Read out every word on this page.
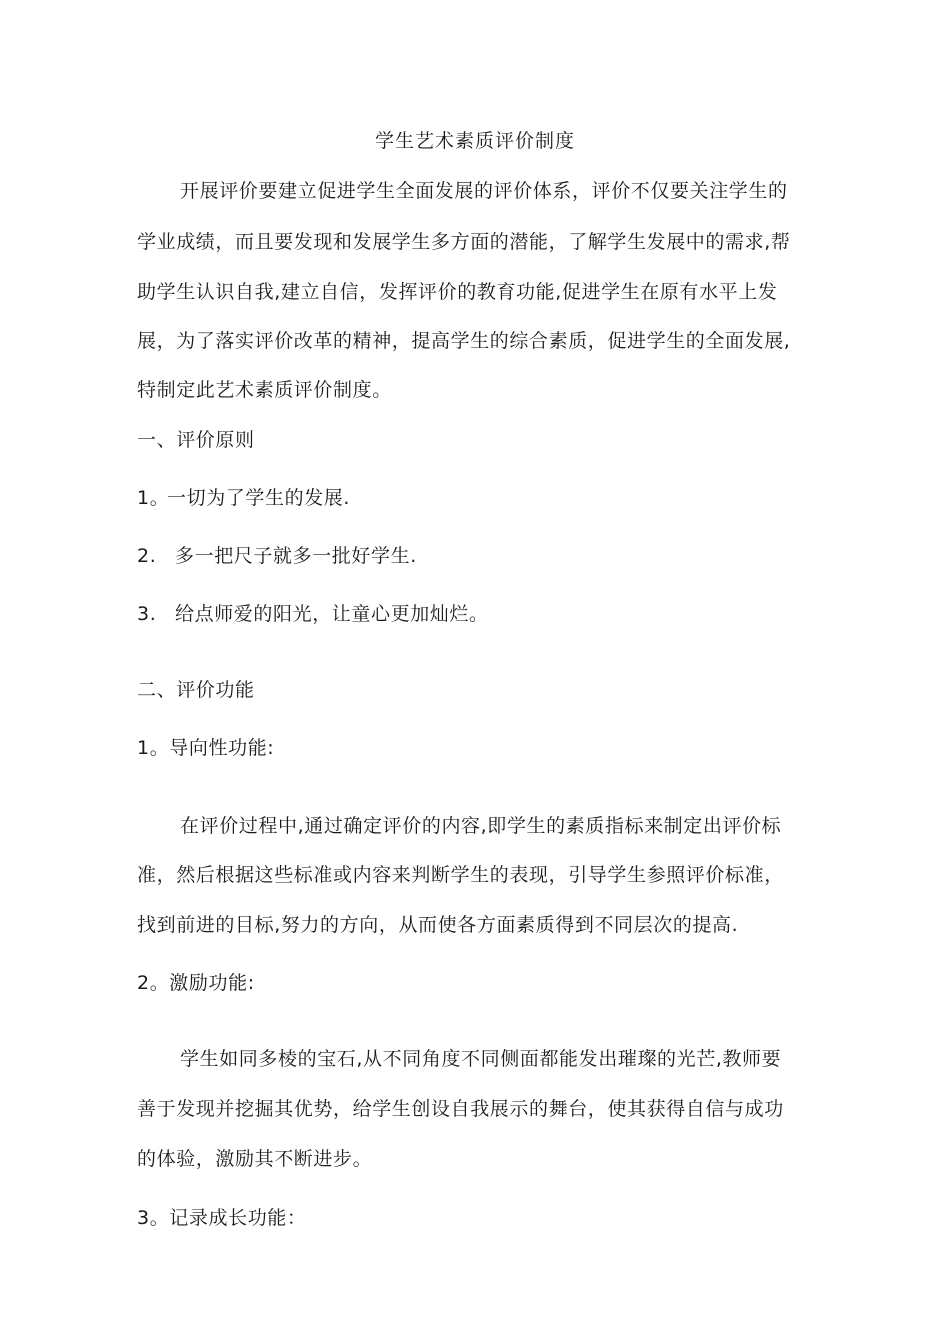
学生艺术素质评价制度

开展评价要建立促进学生全面发展的评价体系，评价不仅要关注学生的

学业成绩，而且要发现和发展学生多方面的潜能，了解学生发展中的需求,帮

助学生认识自我,建立自信，发挥评价的教育功能,促进学生在原有水平上发

展，为了落实评价改革的精神，提高学生的综合素质，促进学生的全面发展,

特制定此艺术素质评价制度。

一、评价原则

1。

一切为了学生的发展.

2. 多一把尺子就多一批好学生.

3. 给点师爱的阳光，让童心更加灿烂。

二、评价功能

1。导向性功能:

在评价过程中,通过确定评价的内容,即学生的素质指标来制定出评价标

准，然后根据这些标准或内容来判断学生的表现，引导学生参照评价标准，

找到前进的目标,努力的方向，从而使各方面素质得到不同层次的提高.

2。激励功能:

学生如同多棱的宝石,从不同角度不同侧面都能发出璀璨的光芒,教师要

善于发现并挖掘其优势，给学生创设自我展示的舞台，使其获得自信与成功

的体验，激励其不断进步。

3。记录成长功能：
